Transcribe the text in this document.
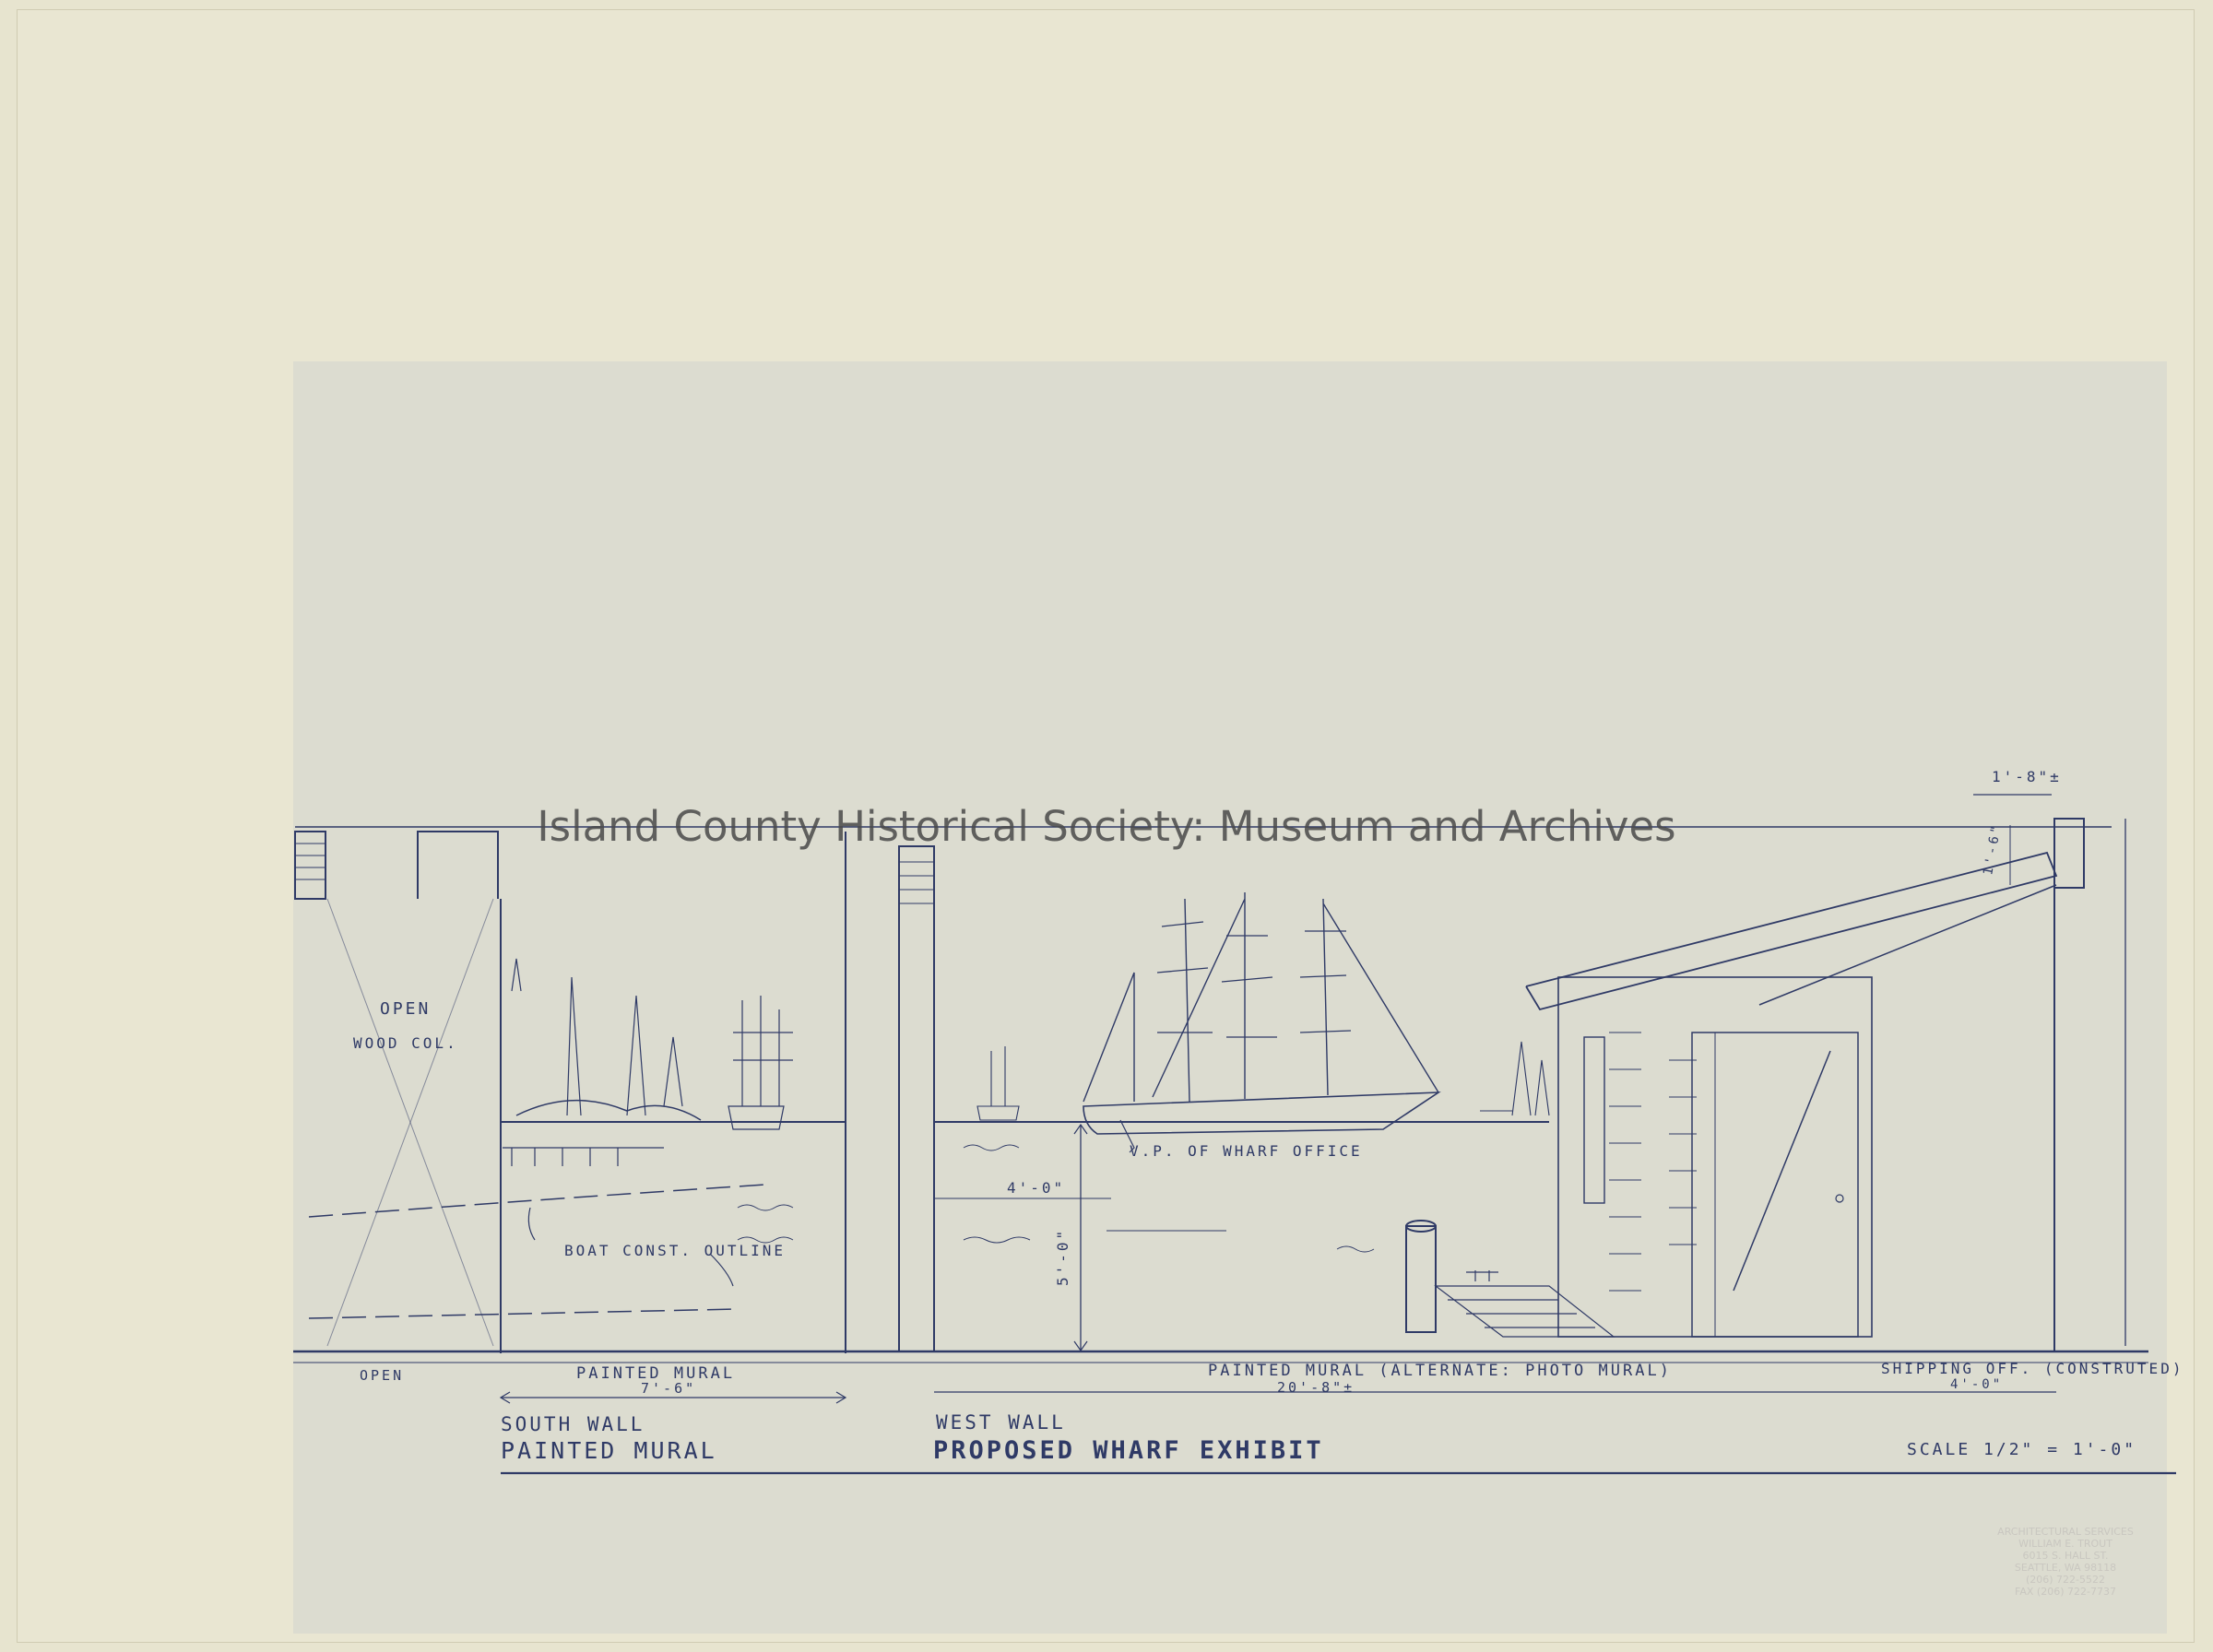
OPEN
WOOD COL.
BOAT CONST. OUTLINE
V.P. OF WHARF OFFICE
4'-0"
5'-0"
1'-8"±
1'-6"
OPEN	PAINTED MURAL
7'-6"
PAINTED MURAL (ALTERNATE: PHOTO MURAL)
20'-8"±
SHIPPING OFF. (CONSTRUTED)
4'-0"
SOUTH WALL
PAINTED MURAL
WEST WALL
PROPOSED WHARF EXHIBIT	SCALE 1/2" = 1'-0"
Island County Historical Society: Museum and Archives
ARCHITECTURAL SERVICES
WILLIAM E. TROUT
6015 S. HALL ST.
SEATTLE, WA 98118
(206) 722-5522
FAX (206) 722-7737
